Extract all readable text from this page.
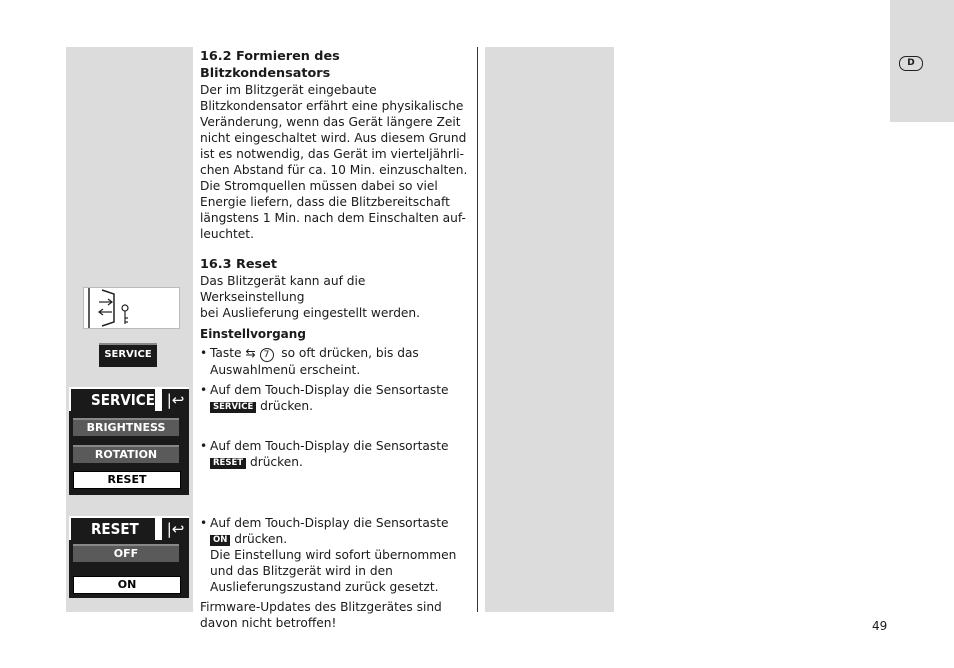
D
49
SERVICE
SERVICE |↩
BRIGHTNESS
ROTATION
RESET
RESET	|↩
OFF
ON
16.2 Formieren des Blitzkondensators

Der im Blitzgerät eingebaute
Blitzkondensator erfährt eine physikalische
Veränderung, wenn das Gerät längere Zeit
nicht eingeschaltet wird. Aus diesem Grund
ist es notwendig, das Gerät im vierteljährli-
chen Abstand für ca. 10 Min. einzuschalten.
Die Stromquellen müssen dabei so viel
Energie liefern, dass die Blitzbereitschaft
längstens 1 Min. nach dem Einschalten auf-
leuchtet.

16.3 Reset

Das Blitzgerät kann auf die Werkseinstellung
bei Auslieferung eingestellt werden.

Einstellvorgang
• Taste ⇆ 7 so oft drücken, bis das
Auswahlmenü erscheint.
• Auf dem Touch-Display die Sensortaste
SERVICE drücken.
• Auf dem Touch-Display die Sensortaste
RESET drücken.
• Auf dem Touch-Display die Sensortaste
ON drücken.
Die Einstellung wird sofort übernommen
und das Blitzgerät wird in den
Auslieferungszustand zurück gesetzt.

Firmware-Updates des Blitzgerätes sind
davon nicht betroffen!
